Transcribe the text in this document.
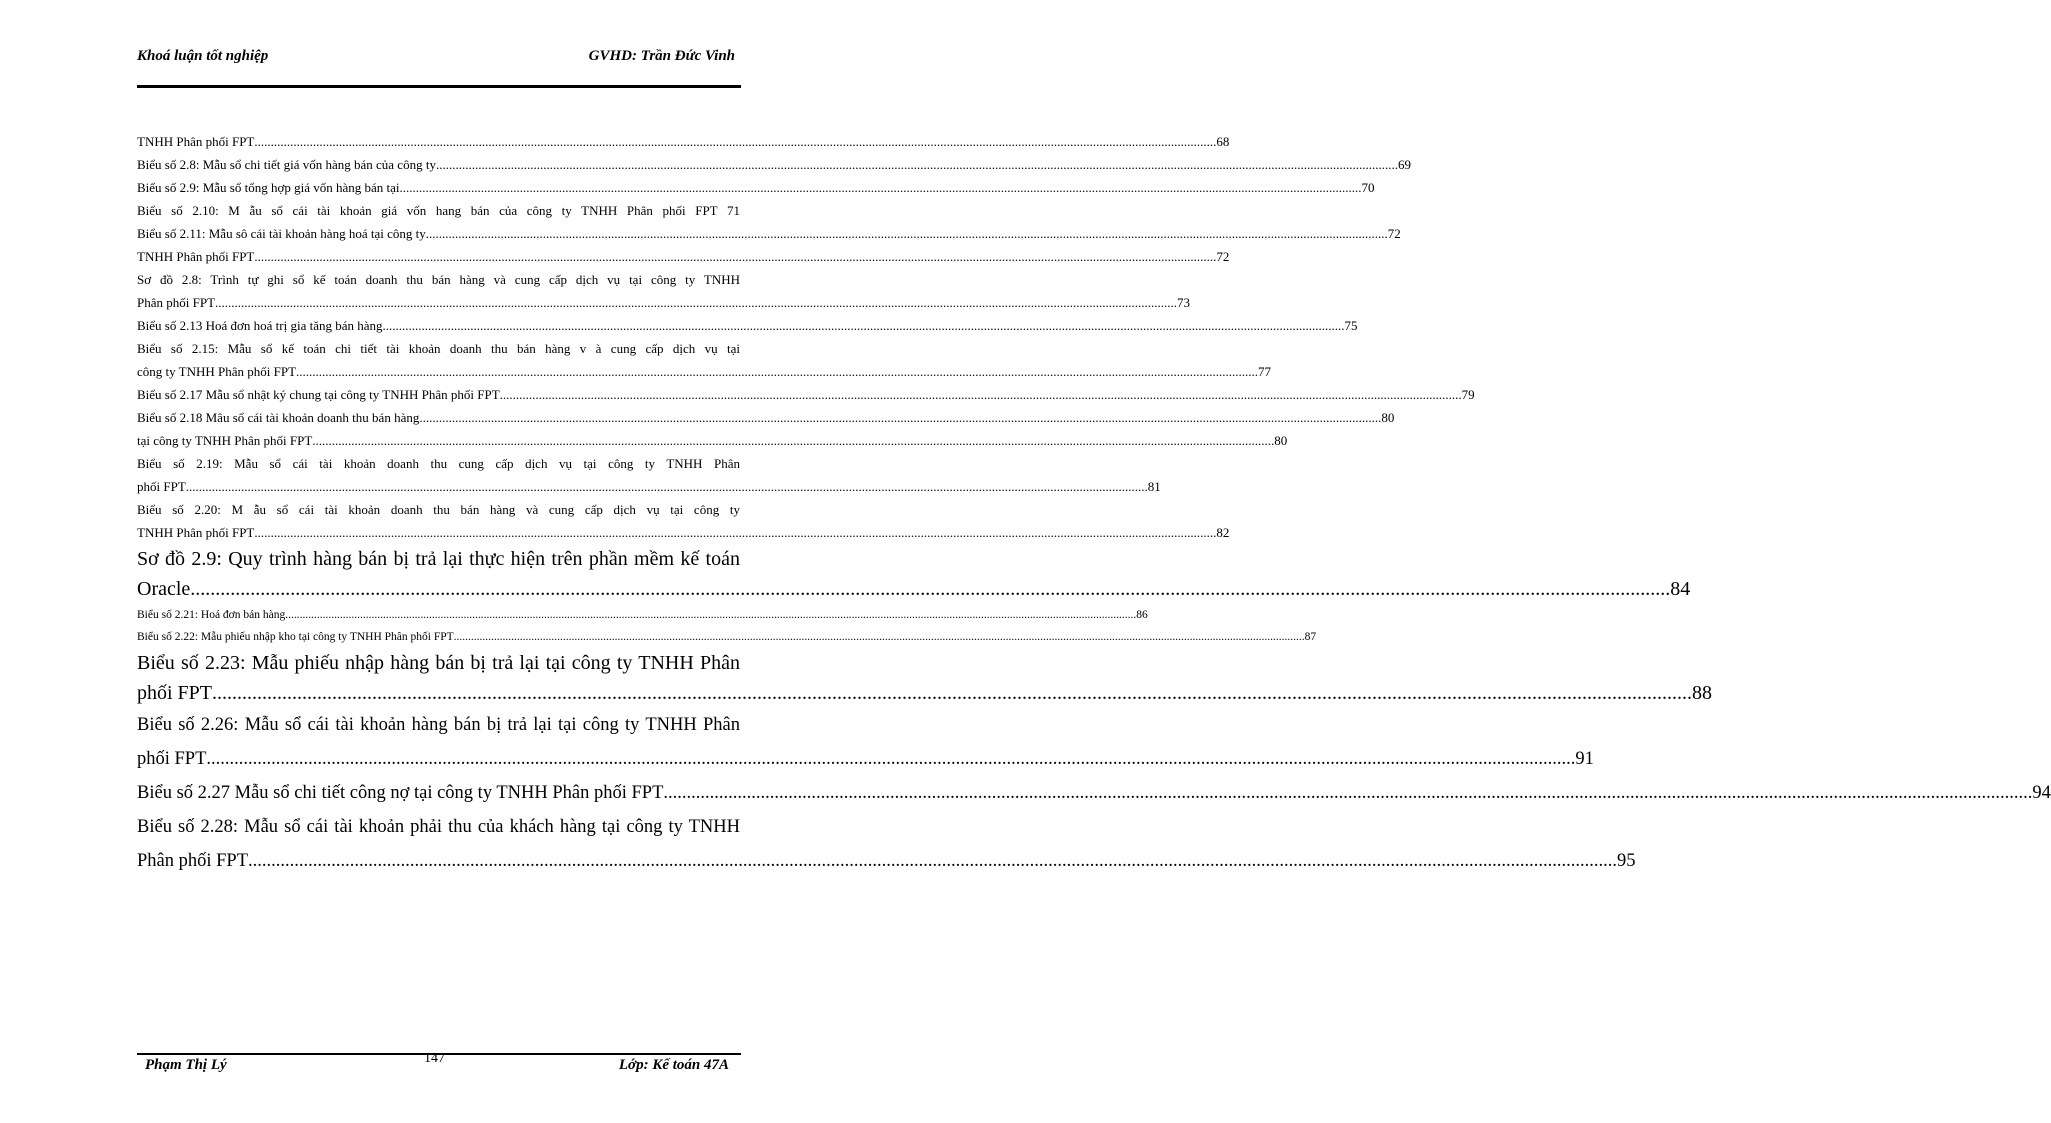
Khoá luận tốt nghiệp	GVHD: Trần Đức Vinh
TNHH Phân phối FPT .....	68
Biểu số 2.8: Mẫu sổ chi tiết giá vốn hàng bán của công ty .....	69
Biểu số 2.9: Mẫu sổ tổng hợp giá vốn hàng bán tại .....	70
Biểu số 2.10: M ẫu sổ cái tài khoản giá vốn hang bán của công ty TNHH Phân phối FPT 71
Biểu số 2.11: Mẫu sô cái tài khoản hàng hoá tại công ty .....	72
TNHH Phân phối FPT .....	72
Sơ đồ 2.8: Trình tự ghi sổ kế toán doanh thu bán hàng và cung cấp dịch vụ tại công ty TNHH
Phân phối FPT .....	73
Biểu số 2.13 Hoá đơn hoá trị gia tăng bán hàng .....	75
Biểu số 2.15: Mẫu sổ kế toán chi tiết tài khoản doanh thu bán hàng v à cung cấp dịch vụ tại
công ty TNHH Phân phối FPT .....	77
Biểu số 2.17 Mẫu sổ nhật ký chung tại công ty TNHH Phân phối FPT .....	79
Biểu số 2.18 Mâu sổ cái tài khoản doanh thu bán hàng .....	80
tại công ty TNHH Phân phối FPT .....	80
Biểu số 2.19: Mẫu sổ cái tài khoản doanh thu cung cấp dịch vụ tại công ty TNHH Phân
phối FPT .....	81
Biểu số 2.20: M ẫu sổ cái tài khoản doanh thu bán hàng và cung cấp dịch vụ tại công ty
TNHH Phân phối FPT .....	82
Sơ đồ 2.9: Quy trình hàng bán bị trả lại thực hiện trên phần mềm kế toán
Oracle .....	84
Biểu số 2.21: Hoá đơn bán hàng .....	86
Biểu số 2.22: Mẫu phiếu nhập kho tại công ty TNHH Phân phối FPT .....	87
Biểu số 2.23: Mẫu phiếu nhập hàng bán bị trả lại tại công ty TNHH Phân
phối FPT .....	88
Biểu số 2.26: Mẫu sổ cái tài khoản hàng bán bị trả lại tại công ty TNHH Phân
phối FPT .....	91
Biểu số 2.27 Mẫu sổ chi tiết công nợ tại công ty TNHH Phân phối FPT .....	94
Biểu số 2.28: Mẫu sổ cái tài khoản phải thu của khách hàng tại công ty TNHH
Phân phối FPT .....	95
Phạm Thị Lý	147	Lớp: Kế toán 47A
